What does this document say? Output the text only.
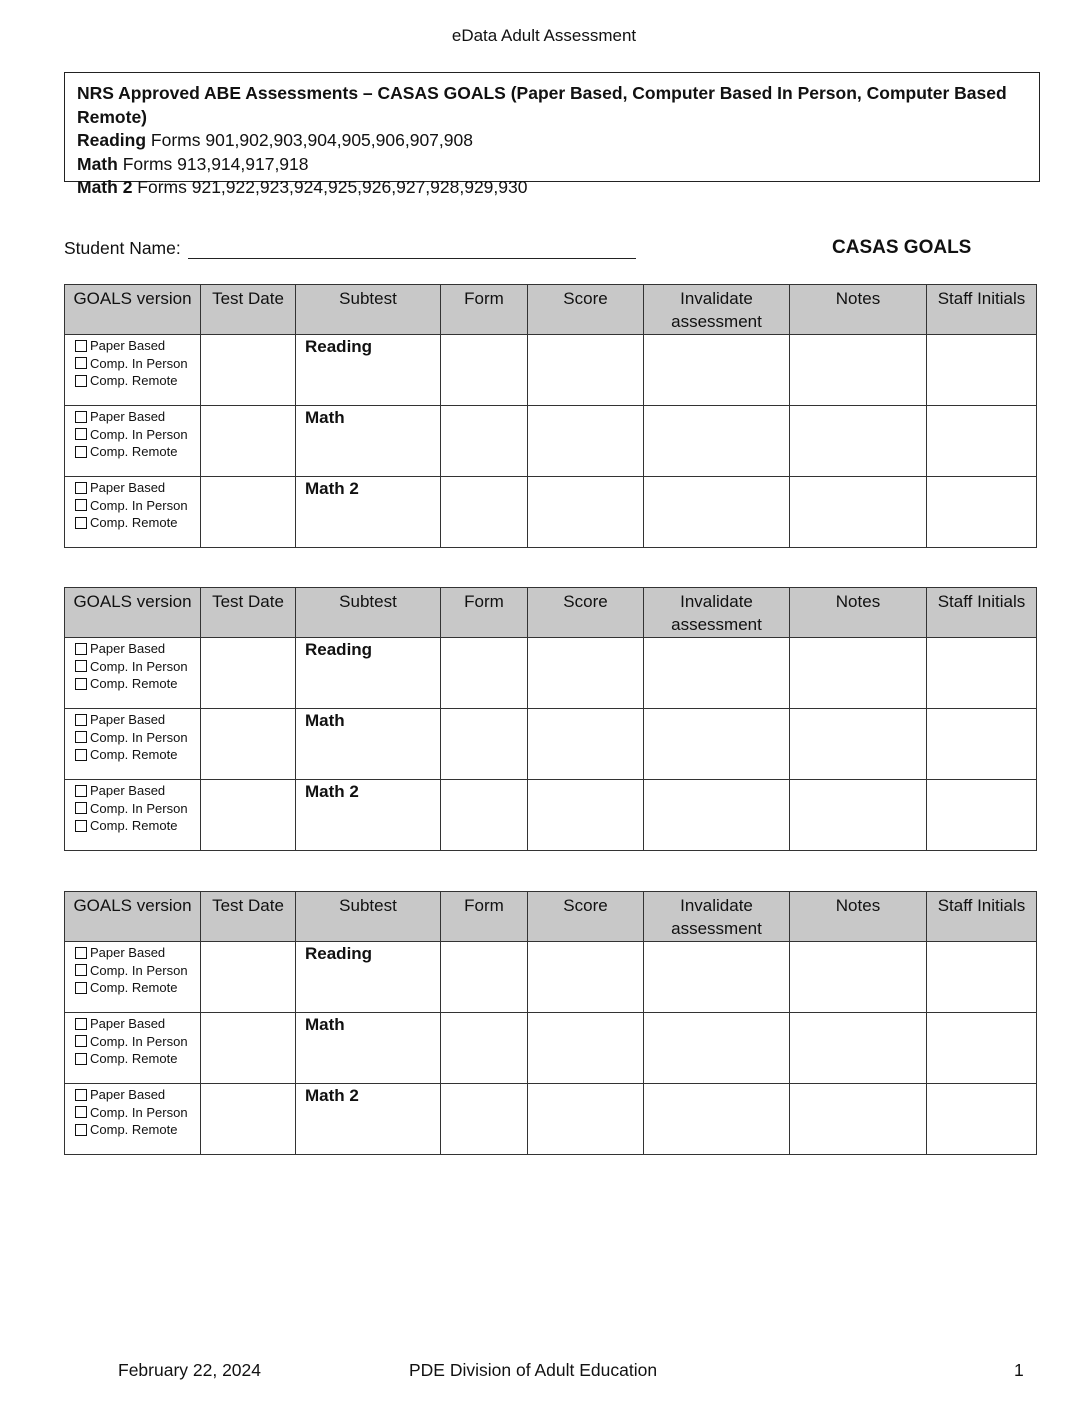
eData Adult Assessment
NRS Approved ABE Assessments – CASAS GOALS (Paper Based, Computer Based In Person, Computer Based Remote)
Reading Forms 901,902,903,904,905,906,907,908
Math Forms 913,914,917,918
Math 2 Forms 921,922,923,924,925,926,927,928,929,930
Student Name:	CASAS GOALS
GOALS version	Test Date	Subtest	Form	Score	Invalidate assessment	Notes	Staff Initials

Paper Based
Comp. In Person
Comp. Remote		Reading					

Paper Based
Comp. In Person
Comp. Remote		Math					

Paper Based
Comp. In Person
Comp. Remote		Math 2					
GOALS version	Test Date	Subtest	Form	Score	Invalidate assessment	Notes	Staff Initials

Paper Based
Comp. In Person
Comp. Remote		Reading					

Paper Based
Comp. In Person
Comp. Remote		Math					

Paper Based
Comp. In Person
Comp. Remote		Math 2					
GOALS version	Test Date	Subtest	Form	Score	Invalidate assessment	Notes	Staff Initials

Paper Based
Comp. In Person
Comp. Remote		Reading					

Paper Based
Comp. In Person
Comp. Remote		Math					

Paper Based
Comp. In Person
Comp. Remote		Math 2					
February 22, 2024	PDE Division of Adult Education	1
